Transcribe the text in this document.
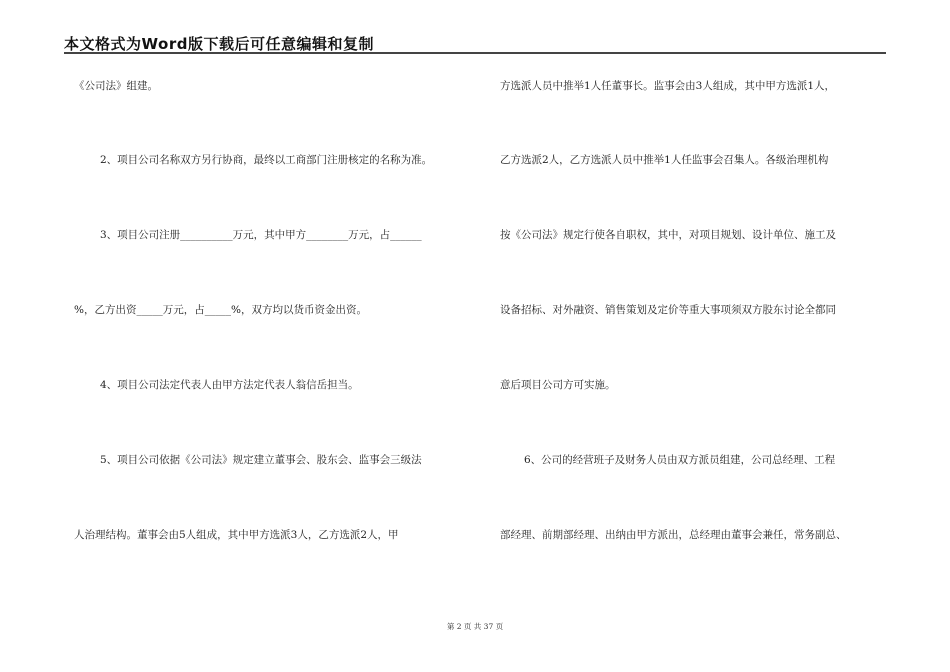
本文格式为Word版下载后可任意编辑和复制
《公司法》组建。
2、项目公司名称双方另行协商，最终以工商部门注册核定的名称为准。
3、项目公司注册__________万元，其中甲方________万元，占______
%，乙方出资_____万元，占_____%，双方均以货币资金出资。
4、项目公司法定代表人由甲方法定代表人翁信岳担当。
5、项目公司依据《公司法》规定建立董事会、股东会、监事会三级法
人治理结构。董事会由5人组成，其中甲方选派3人，乙方选派2人，甲
方选派人员中推举1人任董事长。监事会由3人组成，其中甲方选派1人，
乙方选派2人，乙方选派人员中推举1人任监事会召集人。各级治理机构
按《公司法》规定行使各自职权，其中，对项目规划、设计单位、施工及
设备招标、对外融资、销售策划及定价等重大事项须双方股东讨论全都同
意后项目公司方可实施。
6、公司的经营班子及财务人员由双方派员组建，公司总经理、工程
部经理、前期部经理、出纳由甲方派出，总经理由董事会兼任，常务副总、
第 2 页 共 37 页
